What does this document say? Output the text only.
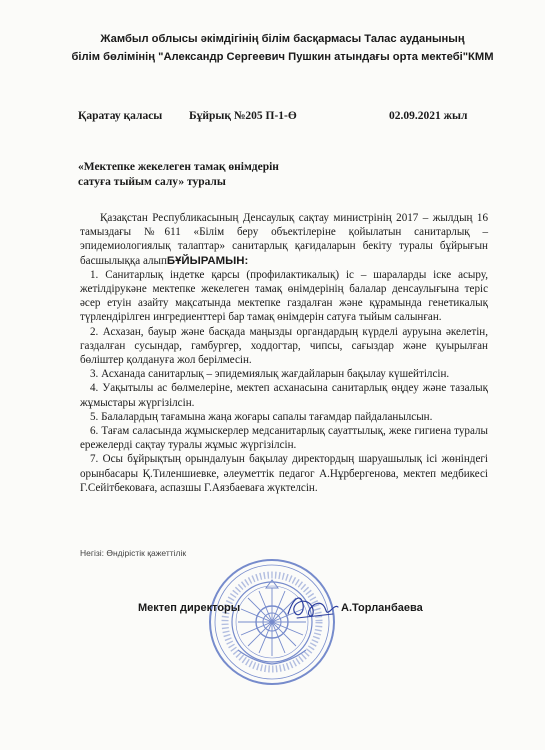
Жамбыл облысы әкімдігінің білім басқармасы Талас ауданының
білім бөлімінің "Александр Сергеевич Пушкин атындағы орта мектебі"КММ
Қаратау қаласы Бұйрық №205 П-1-Ө	02.09.2021 жыл
«Мектепке жекелеген тамақ өнімдерін
сатуға тыйым салу» туралы

Қазақстан Республикасының Денсаулық сақтау министрінің 2017 – жылдың 16 тамыздағы №611 «Білім беру объектілеріне қойылатын санитарлық – эпидемиологиялық талаптар» санитарлық қағидаларын бекіту туралы бұйрығын басшылыққа алыпБҰЙЫРАМЫН:

1. Санитарлық індетке қарсы (профилактикалық) іс – шараларды іске асыру, жетілдірукәне мектепке жекелеген тамақ өнімдерінің балалар денсаулығына теріс әсер етуін азайту мақсатында мектепке газдалған және құрамында генетикалық түрлендірілген ингредиенттері бар тамақ өнімдерін сатуға тыйым салынған.

2. Асхазан, бауыр және басқада маңызды органдардың күрделі ауруына әкелетін, газдалған сусындар, гамбургер, ходдогтар, чипсы, сағыздар және қуырылған бөліштер қолдануға жол берілмесін.

3. Асханада санитарлық – эпидемиялық жағдайларын бақылау күшейтілсін.

4. Уақытылы ас бөлмелеріне, мектеп асханасына санитарлық өңдеу және тазалық жұмыстары жүргізілсін.

5. Балалардың тағамына жаңа жоғары сапалы тағамдар пайдаланылсын.

6. Тағам саласында жұмыскерлер медсанитарлық сауаттылық, жеке гигиена туралы ережелерді сақтау туралы жұмыс жүргізілсін.

7. Осы бұйрықтың орындалуын бақылау директордың шаруашылық ісі жөніндегі орынбасары Қ.Тиленшиевке, әлеуметтік педагог А.Нұрбергенова, мектеп медбикесі Г.Сейітбековаға, аспазшы Г.Аязбаеваға жүктелсін.

Негізі: Өндірістік қажеттілік
Мектеп директоры	А.Торланбаева
